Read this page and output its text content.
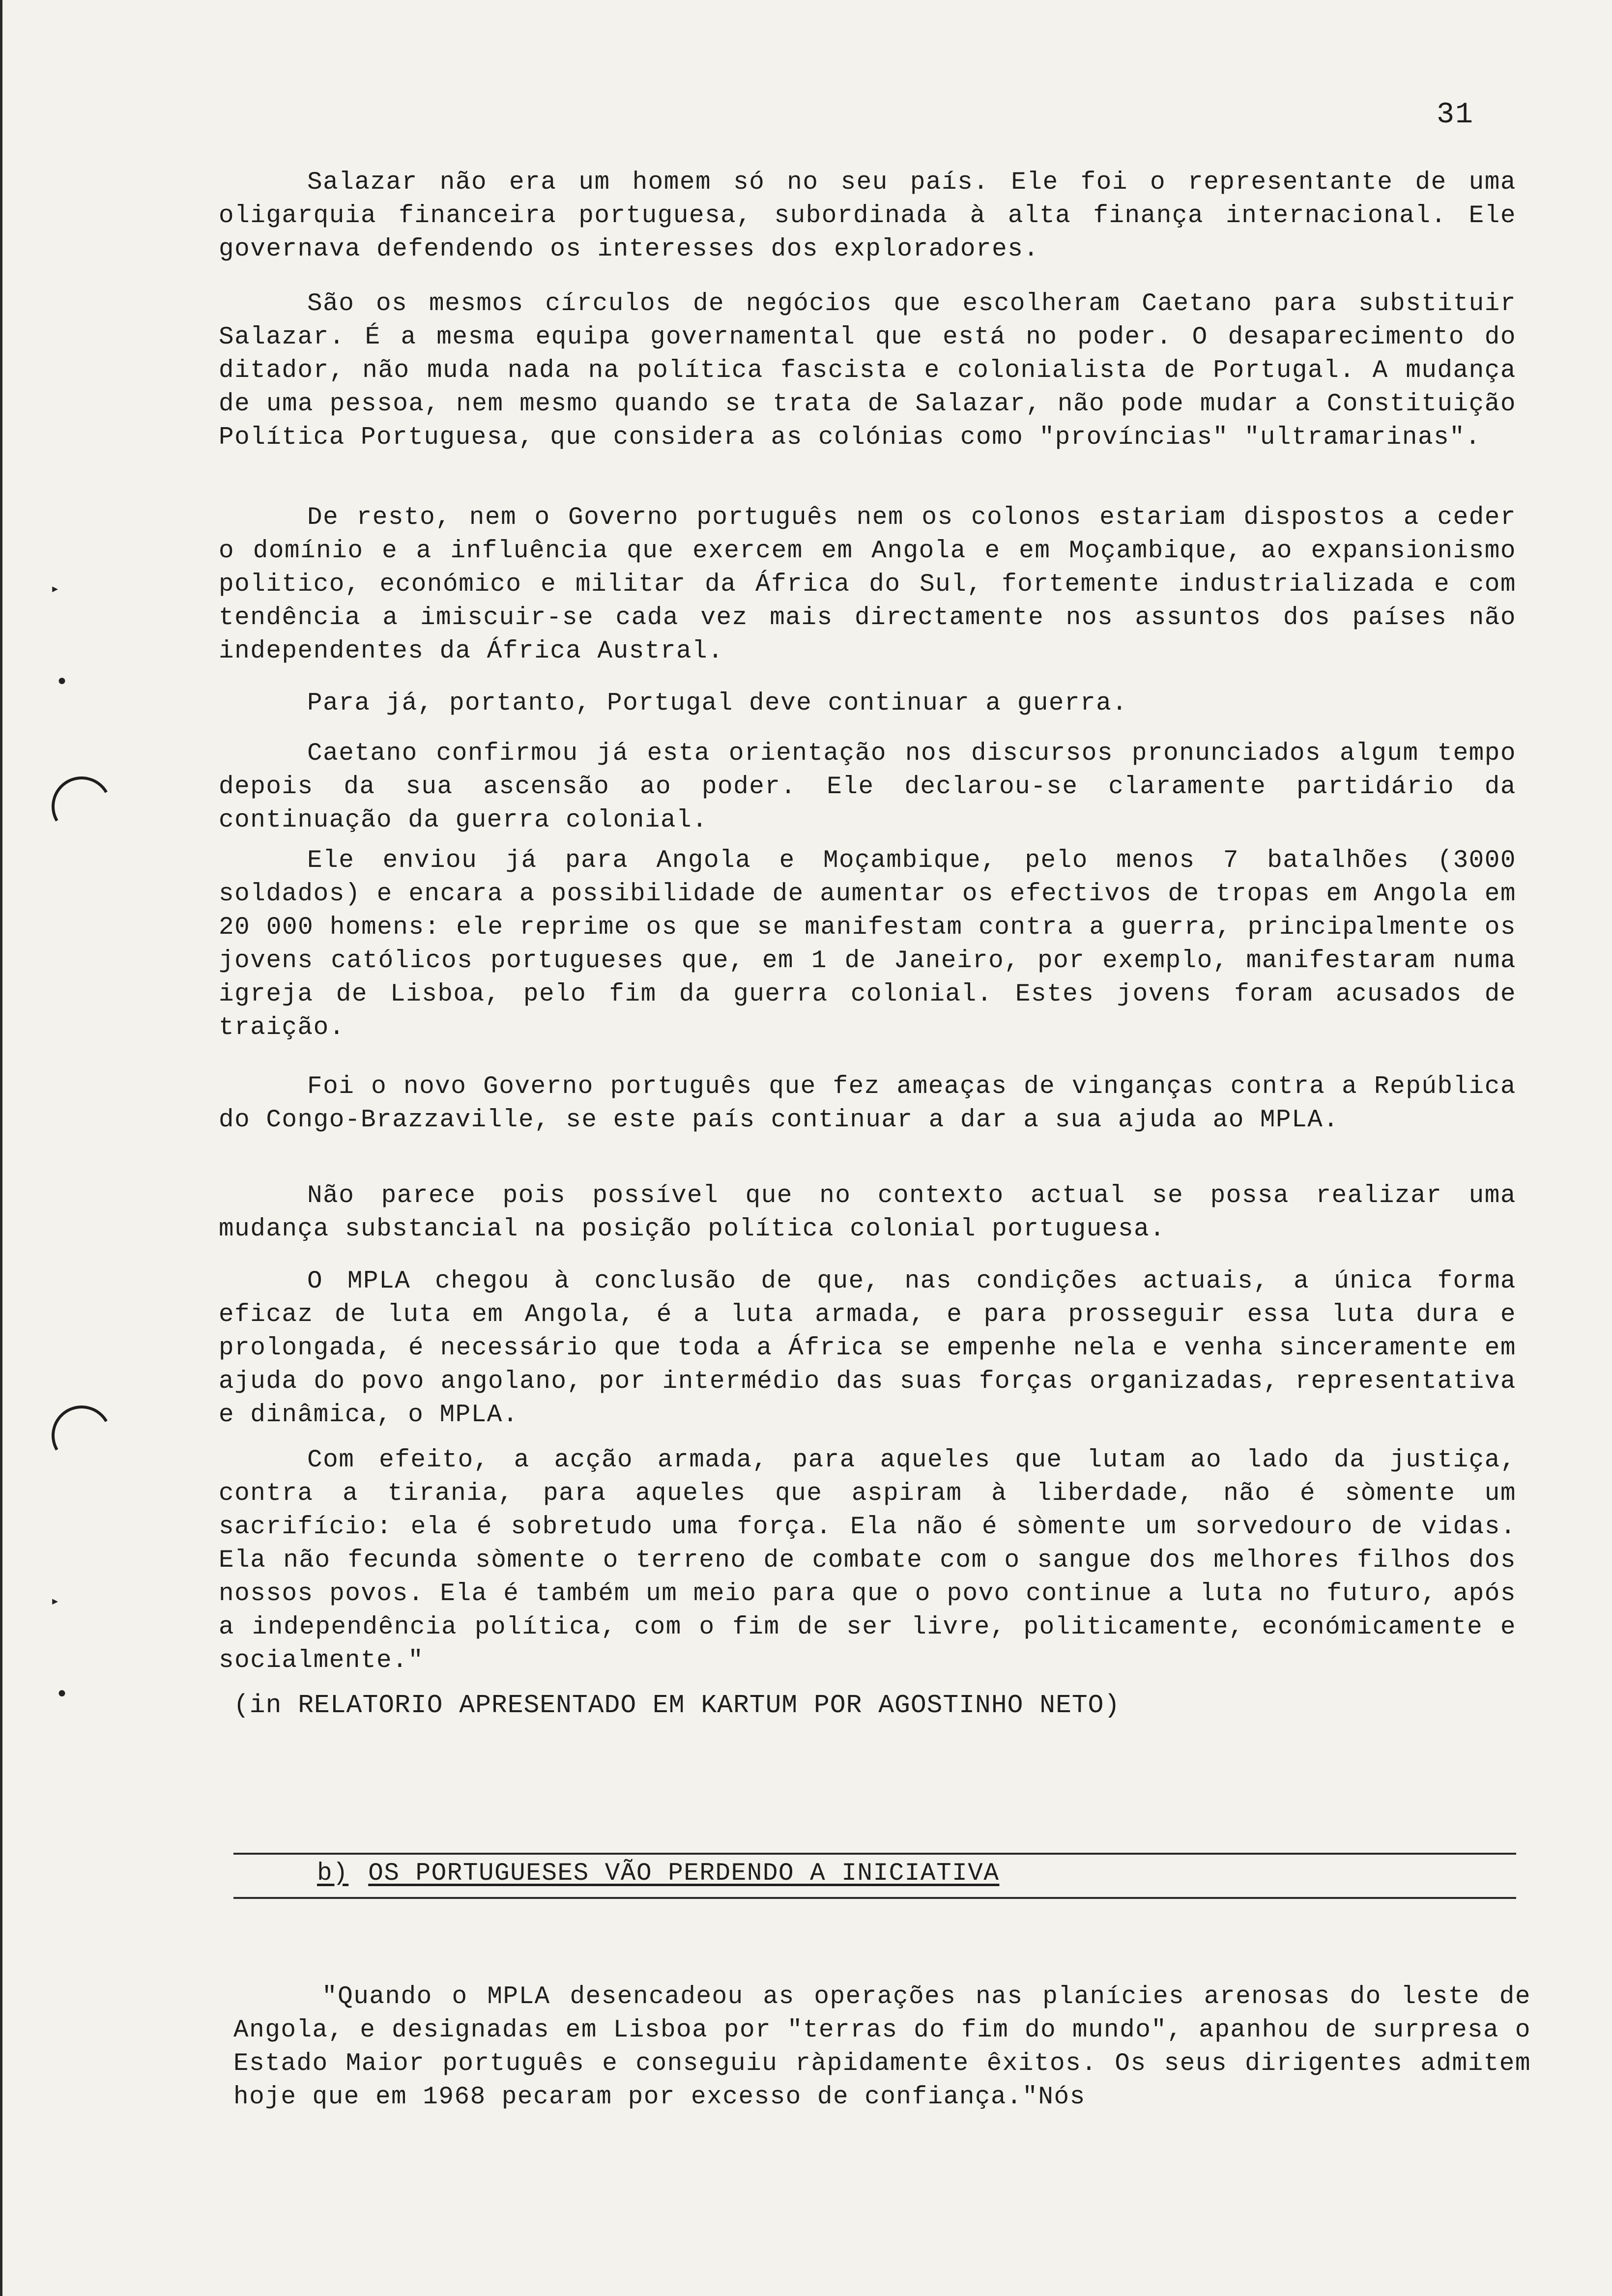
31

Salazar não era um homem só no seu país. Ele foi o representante de uma oligarquia financeira portuguesa, subordinada à alta finança internacional. Ele governava defendendo os interesses dos exploradores.

São os mesmos círculos de negócios que escolheram Caetano para substituir Salazar. É a mesma equipa governamental que está no poder. O desaparecimento do ditador, não muda nada na política fascista e colonialista de Portugal. A mudança de uma pessoa, nem mesmo quando se trata de Salazar, não pode mudar a Constituição Política Portuguesa, que considera as colónias como "províncias" "ultramarinas".

De resto, nem o Governo português nem os colonos estariam dispostos a ceder o domínio e a influência que exercem em Angola e em Moçambique, ao expansionismo politico, económico e militar da África do Sul, fortemente industrializada e com tendência a imiscuir-se cada vez mais directamente nos assuntos dos países não independentes da África Austral.

Para já, portanto, Portugal deve continuar a guerra.

Caetano confirmou já esta orientação nos discursos pronunciados algum tempo depois da sua ascensão ao poder. Ele declarou-se claramente partidário da continuação da guerra colonial.

Ele enviou já para Angola e Moçambique, pelo menos 7 batalhões (3000 soldados) e encara a possibilidade de aumentar os efectivos de tropas em Angola em 20 000 homens: ele reprime os que se manifestam contra a guerra, principalmente os jovens católicos portugueses que, em 1 de Janeiro, por exemplo, manifestaram numa igreja de Lisboa, pelo fim da guerra colonial. Estes jovens foram acusados de traição.

Foi o novo Governo português que fez ameaças de vinganças contra a República do Congo-Brazzaville, se este país continuar a dar a sua ajuda ao MPLA.

Não parece pois possível que no contexto actual se possa realizar uma mudança substancial na posição política colonial portuguesa.

O MPLA chegou à conclusão de que, nas condições actuais, a única forma eficaz de luta em Angola, é a luta armada, e para prosseguir essa luta dura e prolongada, é necessário que toda a África se empenhe nela e venha sinceramente em ajuda do povo angolano, por intermédio das suas forças organizadas, representativa e dinâmica, o MPLA.

Com efeito, a acção armada, para aqueles que lutam ao lado da justiça, contra a tirania, para aqueles que aspiram à liberdade, não é sòmente um sacrifício: ela é sobretudo uma força. Ela não é sòmente um sorvedouro de vidas. Ela não fecunda sòmente o terreno de combate com o sangue dos melhores filhos dos nossos povos. Ela é também um meio para que o povo continue a luta no futuro, após a independência política, com o fim de ser livre, politicamente, económicamente e socialmente."

(in RELATORIO APRESENTADO EM KARTUM POR AGOSTINHO NETO)
b) OS PORTUGUESES VÃO PERDENDO A INICIATIVA

"Quando o MPLA desencadeou as operações nas planícies arenosas do leste de Angola, e designadas em Lisboa por "terras do fim do mundo", apanhou de surpresa o Estado Maior português e conseguiu ràpidamente êxitos. Os seus dirigentes admitem hoje que em 1968 pecaram por excesso de confiança."Nós

▸
●
▸
●
